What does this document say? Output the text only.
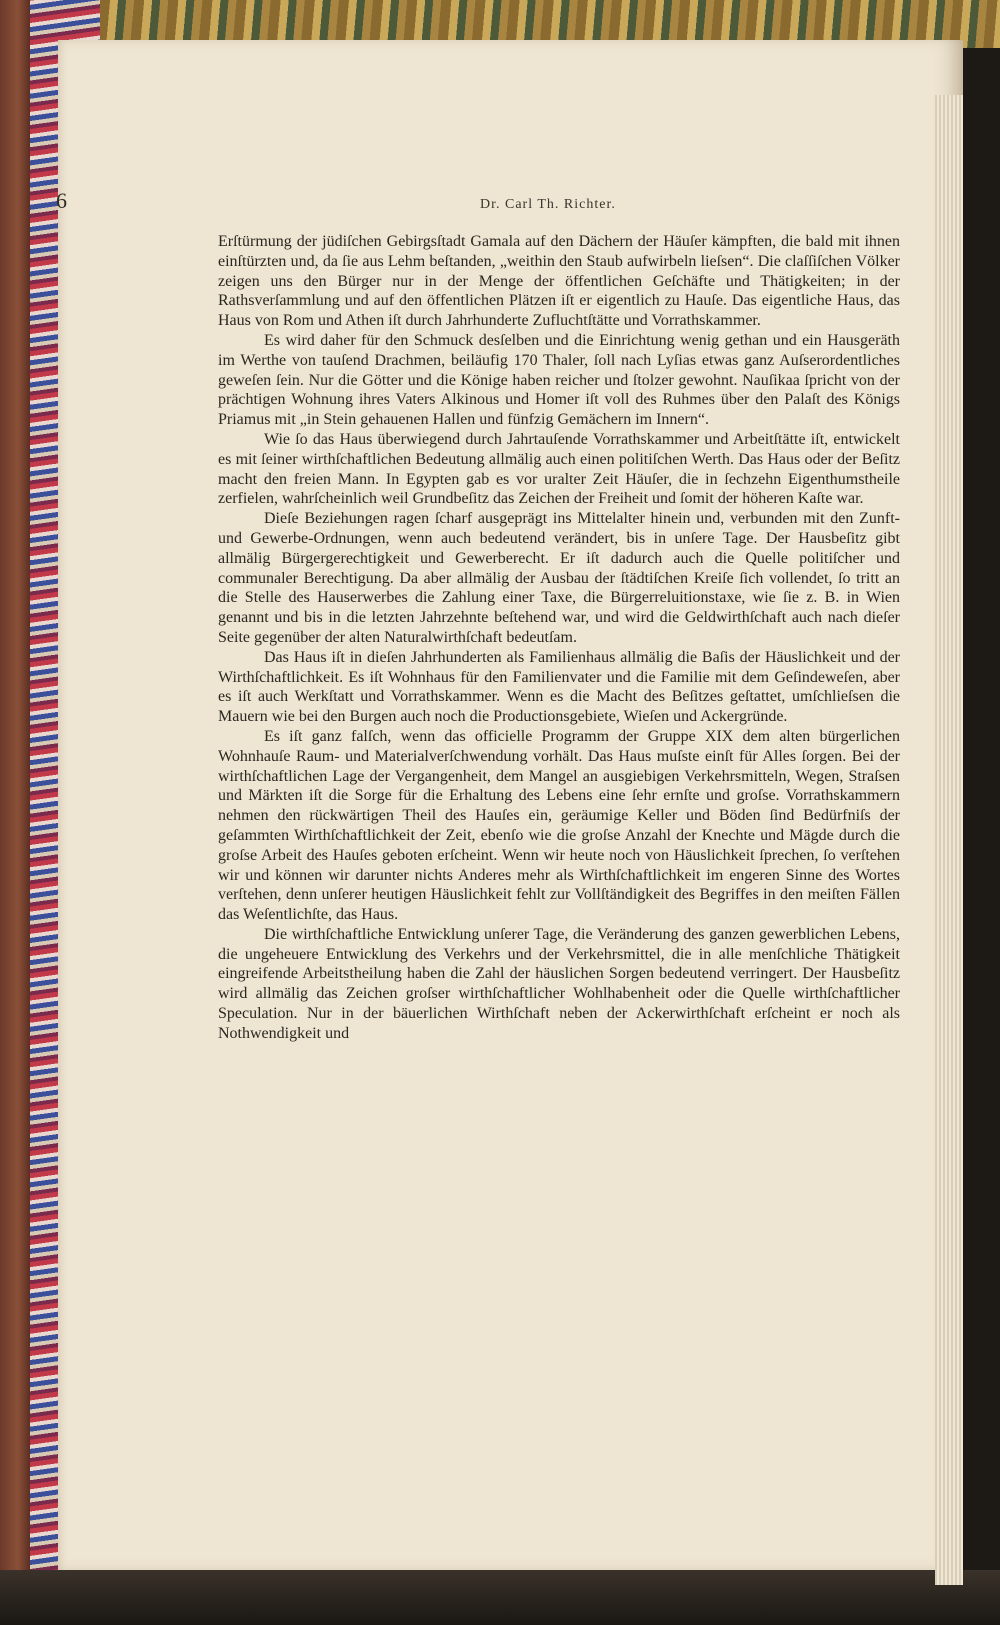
6	Dr. Carl Th. Richter.

Erſtürmung der jüdiſchen Gebirgsſtadt Gamala auf den Dächern der Häuſer kämpften, die bald mit ihnen einſtürzten und, da ſie aus Lehm beſtanden, „weithin den Staub aufwirbeln lieſsen“. Die claſſiſchen Völker zeigen uns den Bürger nur in der Menge der öffentlichen Geſchäfte und Thätigkeiten; in der Rathsverſammlung und auf den öffentlichen Plätzen iſt er eigentlich zu Hauſe. Das eigentliche Haus, das Haus von Rom und Athen iſt durch Jahrhunderte Zufluchtſtätte und Vorrathskammer.

Es wird daher für den Schmuck desſelben und die Einrichtung wenig gethan und ein Hausgeräth im Werthe von tauſend Drachmen, beiläufig 170 Thaler, ſoll nach Lyſias etwas ganz Auſserordentliches geweſen ſein. Nur die Götter und die Könige haben reicher und ſtolzer gewohnt. Nauſikaa ſpricht von der prächtigen Wohnung ihres Vaters Alkinous und Homer iſt voll des Ruhmes über den Palaſt des Königs Priamus mit „in Stein gehauenen Hallen und fünfzig Gemächern im Innern“.

Wie ſo das Haus überwiegend durch Jahrtauſende Vorrathskammer und Arbeitſtätte iſt, entwickelt es mit ſeiner wirthſchaftlichen Bedeutung allmälig auch einen politiſchen Werth. Das Haus oder der Beſitz macht den freien Mann. In Egypten gab es vor uralter Zeit Häuſer, die in ſechzehn Eigenthumstheile zerfielen, wahrſcheinlich weil Grundbeſitz das Zeichen der Freiheit und ſomit der höheren Kaſte war.

Dieſe Beziehungen ragen ſcharf ausgeprägt ins Mittelalter hinein und, verbunden mit den Zunft- und Gewerbe-Ordnungen, wenn auch bedeutend verändert, bis in unſere Tage. Der Hausbeſitz gibt allmälig Bürgergerechtigkeit und Gewerberecht. Er iſt dadurch auch die Quelle politiſcher und communaler Berechtigung. Da aber allmälig der Ausbau der ſtädtiſchen Kreiſe ſich vollendet, ſo tritt an die Stelle des Hauserwerbes die Zahlung einer Taxe, die Bürgerreluitionstaxe, wie ſie z. B. in Wien genannt und bis in die letzten Jahrzehnte beſtehend war, und wird die Geldwirthſchaft auch nach dieſer Seite gegenüber der alten Naturalwirthſchaft bedeutſam.

Das Haus iſt in dieſen Jahrhunderten als Familienhaus allmälig die Baſis der Häuslichkeit und der Wirthſchaftlichkeit. Es iſt Wohnhaus für den Familienvater und die Familie mit dem Geſindeweſen, aber es iſt auch Werkſtatt und Vorrathskammer. Wenn es die Macht des Beſitzes geſtattet, umſchlieſsen die Mauern wie bei den Burgen auch noch die Productionsgebiete, Wieſen und Ackergründe.

Es iſt ganz falſch, wenn das officielle Programm der Gruppe XIX dem alten bürgerlichen Wohnhauſe Raum- und Materialverſchwendung vorhält. Das Haus muſste einſt für Alles ſorgen. Bei der wirthſchaftlichen Lage der Vergangenheit, dem Mangel an ausgiebigen Verkehrsmitteln, Wegen, Straſsen und Märkten iſt die Sorge für die Erhaltung des Lebens eine ſehr ernſte und groſse. Vorrathskammern nehmen den rückwärtigen Theil des Hauſes ein, geräumige Keller und Böden ſind Bedürfniſs der geſammten Wirthſchaftlichkeit der Zeit, ebenſo wie die groſse Anzahl der Knechte und Mägde durch die groſse Arbeit des Hauſes geboten erſcheint. Wenn wir heute noch von Häuslichkeit ſprechen, ſo verſtehen wir und können wir darunter nichts Anderes mehr als Wirthſchaftlichkeit im engeren Sinne des Wortes verſtehen, denn unſerer heutigen Häuslichkeit fehlt zur Vollſtändigkeit des Begriffes in den meiſten Fällen das Weſentlichſte, das Haus.

Die wirthſchaftliche Entwicklung unſerer Tage, die Veränderung des ganzen gewerblichen Lebens, die ungeheuere Entwicklung des Verkehrs und der Verkehrsmittel, die in alle menſchliche Thätigkeit eingreifende Arbeitstheilung haben die Zahl der häuslichen Sorgen bedeutend verringert. Der Hausbeſitz wird allmälig das Zeichen groſser wirthſchaftlicher Wohlhabenheit oder die Quelle wirthſchaftlicher Speculation. Nur in der bäuerlichen Wirthſchaft neben der Ackerwirthſchaft erſcheint er noch als Nothwendigkeit und
